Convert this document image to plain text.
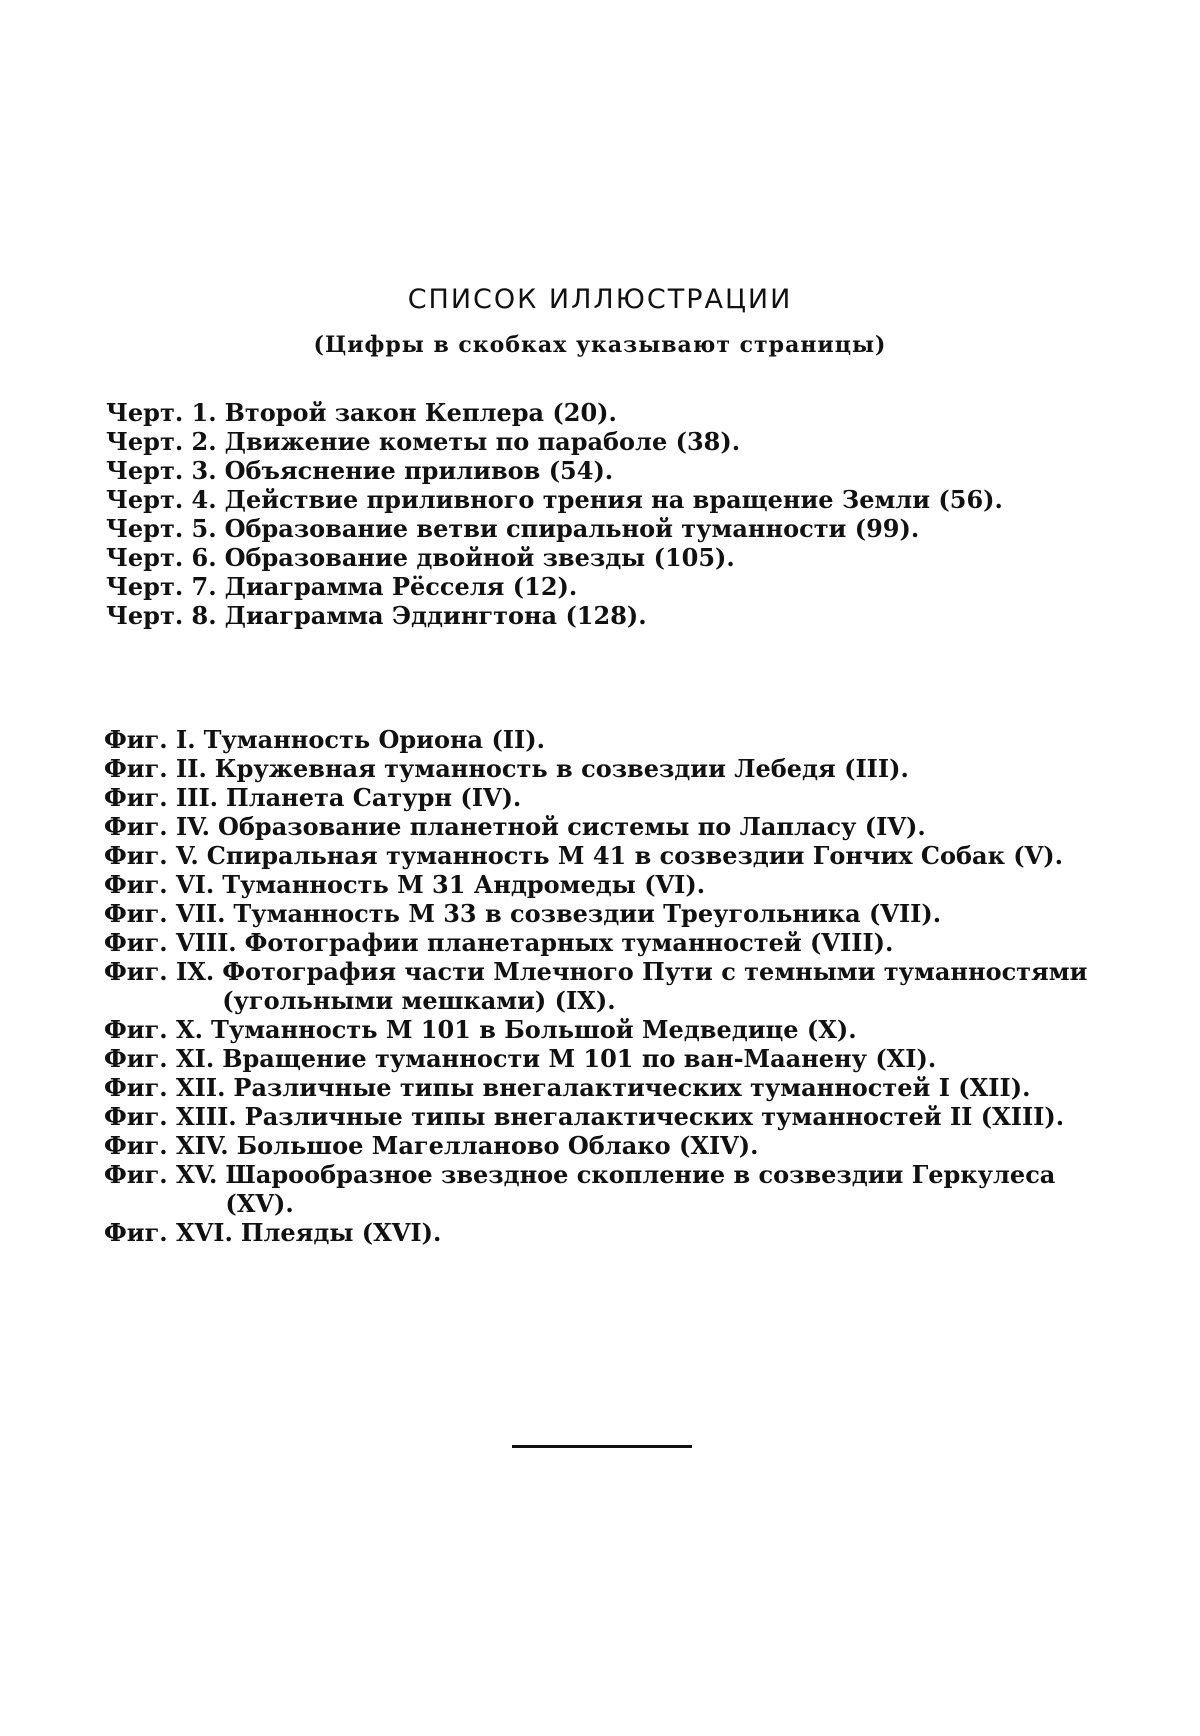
СПИСОК ИЛЛЮСТРАЦИИ
(Цифры в скобках указывают страницы)
Черт. 1. Второй закон Кеплера (20).
Черт. 2. Движение кометы по параболе (38).
Черт. 3. Объяснение приливов (54).
Черт. 4. Действие приливного трения на вращение Земли (56).
Черт. 5. Образование ветви спиральной туманности (99).
Черт. 6. Образование двойной звезды (105).
Черт. 7. Диаграмма Рёсселя (12).
Черт. 8. Диаграмма Эддингтона (128).
Фиг. I. Туманность Ориона (II).
Фиг. II. Кружевная туманность в созвездии Лебедя (III).
Фиг. III. Планета Сатурн (IV).
Фиг. IV. Образование планетной системы по Лапласу (IV).
Фиг. V. Спиральная туманность М 41 в созвездии Гончих Собак (V).
Фиг. VI. Туманность М 31 Андромеды (VI).
Фиг. VII. Туманность М 33 в созвездии Треугольника (VII).
Фиг. VIII. Фотографии планетарных туманностей (VIII).
Фиг. IX. Фотография части Млечного Пути с темными туманностями (угольными мешками) (IX).
Фиг. X. Туманность М 101 в Большой Медведице (X).
Фиг. XI. Вращение туманности М 101 по ван-Маанену (XI).
Фиг. XII. Различные типы внегалактических туманностей I (XII).
Фиг. XIII. Различные типы внегалактических туманностей II (XIII).
Фиг. XIV. Большое Магелланово Облако (XIV).
Фиг. XV. Шарообразное звездное скопление в созвездии Геркулеса (XV).
Фиг. XVI. Плеяды (XVI).
